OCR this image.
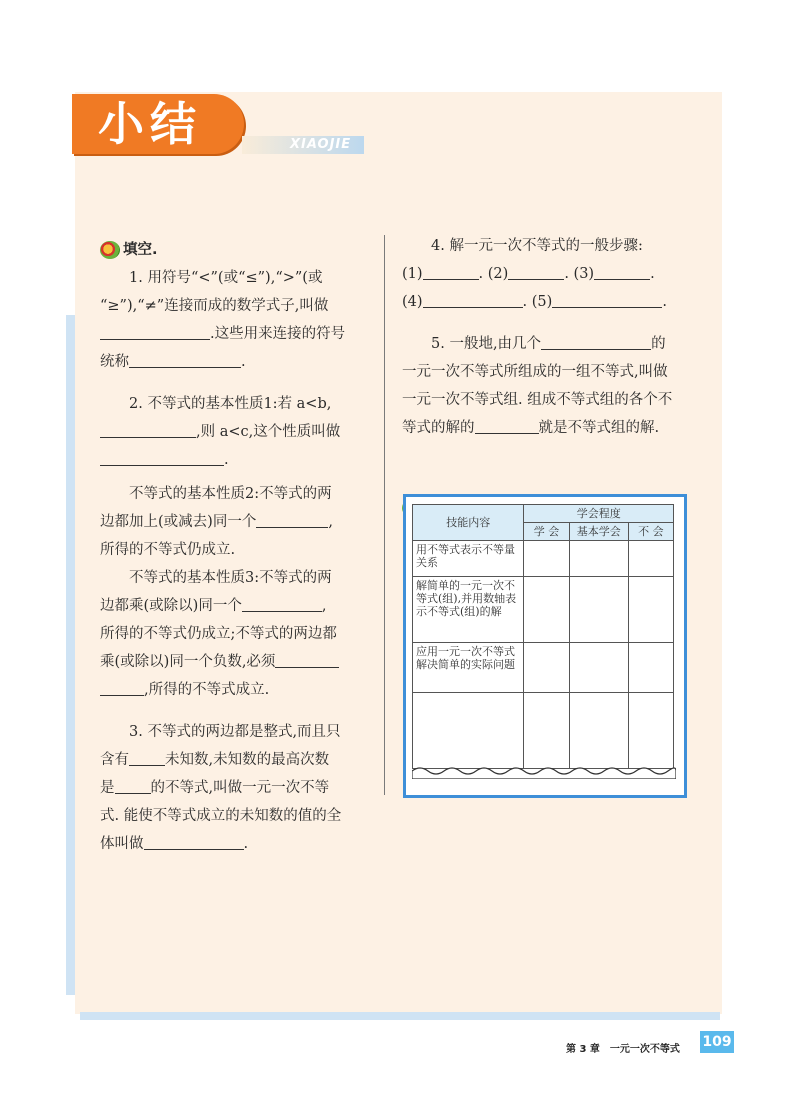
小结	XIAOJIE
填空.

1. 用符号“<”(或“≤”),“>”(或

“≥”),“≠”连接而成的数学式子,叫做

.这些用来连接的符号

统称	.

2. 不等式的基本性质1:若 a<b,

,则 a<c,这个性质叫做

.

不等式的基本性质2:不等式的两

边都加上(或减去)同一个	,

所得的不等式仍成立.

不等式的基本性质3:不等式的两

边都乘(或除以)同一个	,

所得的不等式仍成立;不等式的两边都

乘(或除以)同一个负数,必须

,所得的不等式成立.

3. 不等式的两边都是整式,而且只

含有 未知数,未知数的最高次数

是 的不等式,叫做一元一次不等

式. 能使不等式成立的未知数的值的全

体叫做	.

4. 解一元一次不等式的一般步骤:

(1)	. (2)	. (3)	.

(4)	. (5)	.

5. 一般地,由几个	的

一元一次不等式所组成的一组不等式,叫做

一元一次不等式组. 组成不等式组的各个不

等式的解的	就是不等式组的解.

技能内容	学会程度		
	学 会	基本学会	不 会
用不等式表示不等量关系			
解简单的一元一次不等式(组),并用数轴表示不等式(组)的解			
应用一元一次不等式解决简单的实际问题			

第 3 章　一元一次不等式 109
